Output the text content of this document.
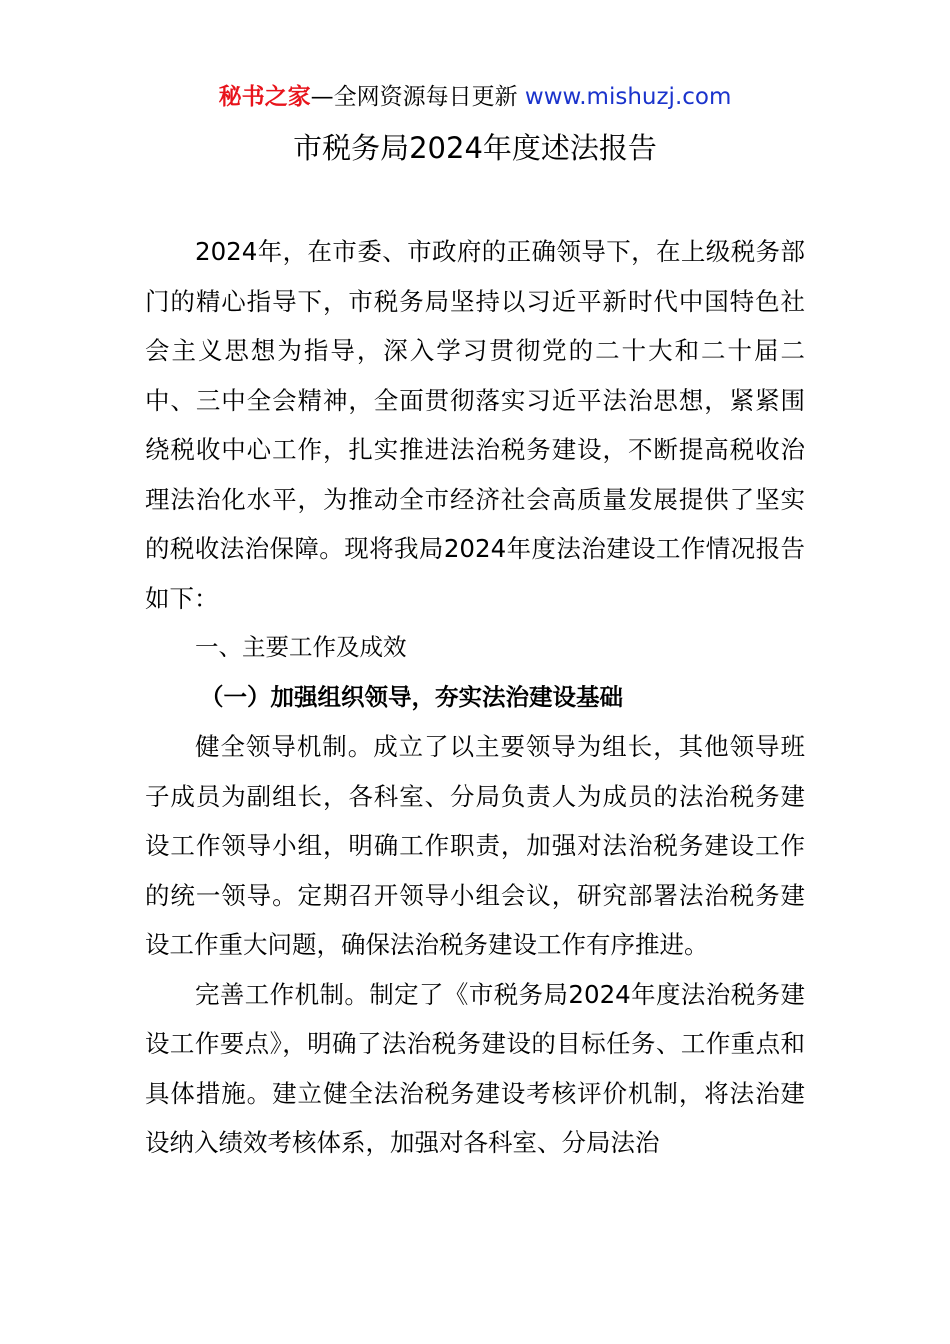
秘书之家—全网资源每日更新 www.mishuzj.com
市税务局2024年度述法报告

2024年，在市委、市政府的正确领导下，在上级税务部门的精心指导下，市税务局坚持以习近平新时代中国特色社会主义思想为指导，深入学习贯彻党的二十大和二十届二中、三中全会精神，全面贯彻落实习近平法治思想，紧紧围绕税收中心工作，扎实推进法治税务建设，不断提高税收治理法治化水平，为推动全市经济社会高质量发展提供了坚实的税收法治保障。现将我局2024年度法治建设工作情况报告如下：

一、主要工作及成效

（一）加强组织领导，夯实法治建设基础

健全领导机制。成立了以主要领导为组长，其他领导班子成员为副组长，各科室、分局负责人为成员的法治税务建设工作领导小组，明确工作职责，加强对法治税务建设工作的统一领导。定期召开领导小组会议，研究部署法治税务建设工作重大问题，确保法治税务建设工作有序推进。

完善工作机制。制定了《市税务局2024年度法治税务建设工作要点》，明确了法治税务建设的目标任务、工作重点和具体措施。建立健全法治税务建设考核评价机制，将法治建设纳入绩效考核体系，加强对各科室、分局法治
